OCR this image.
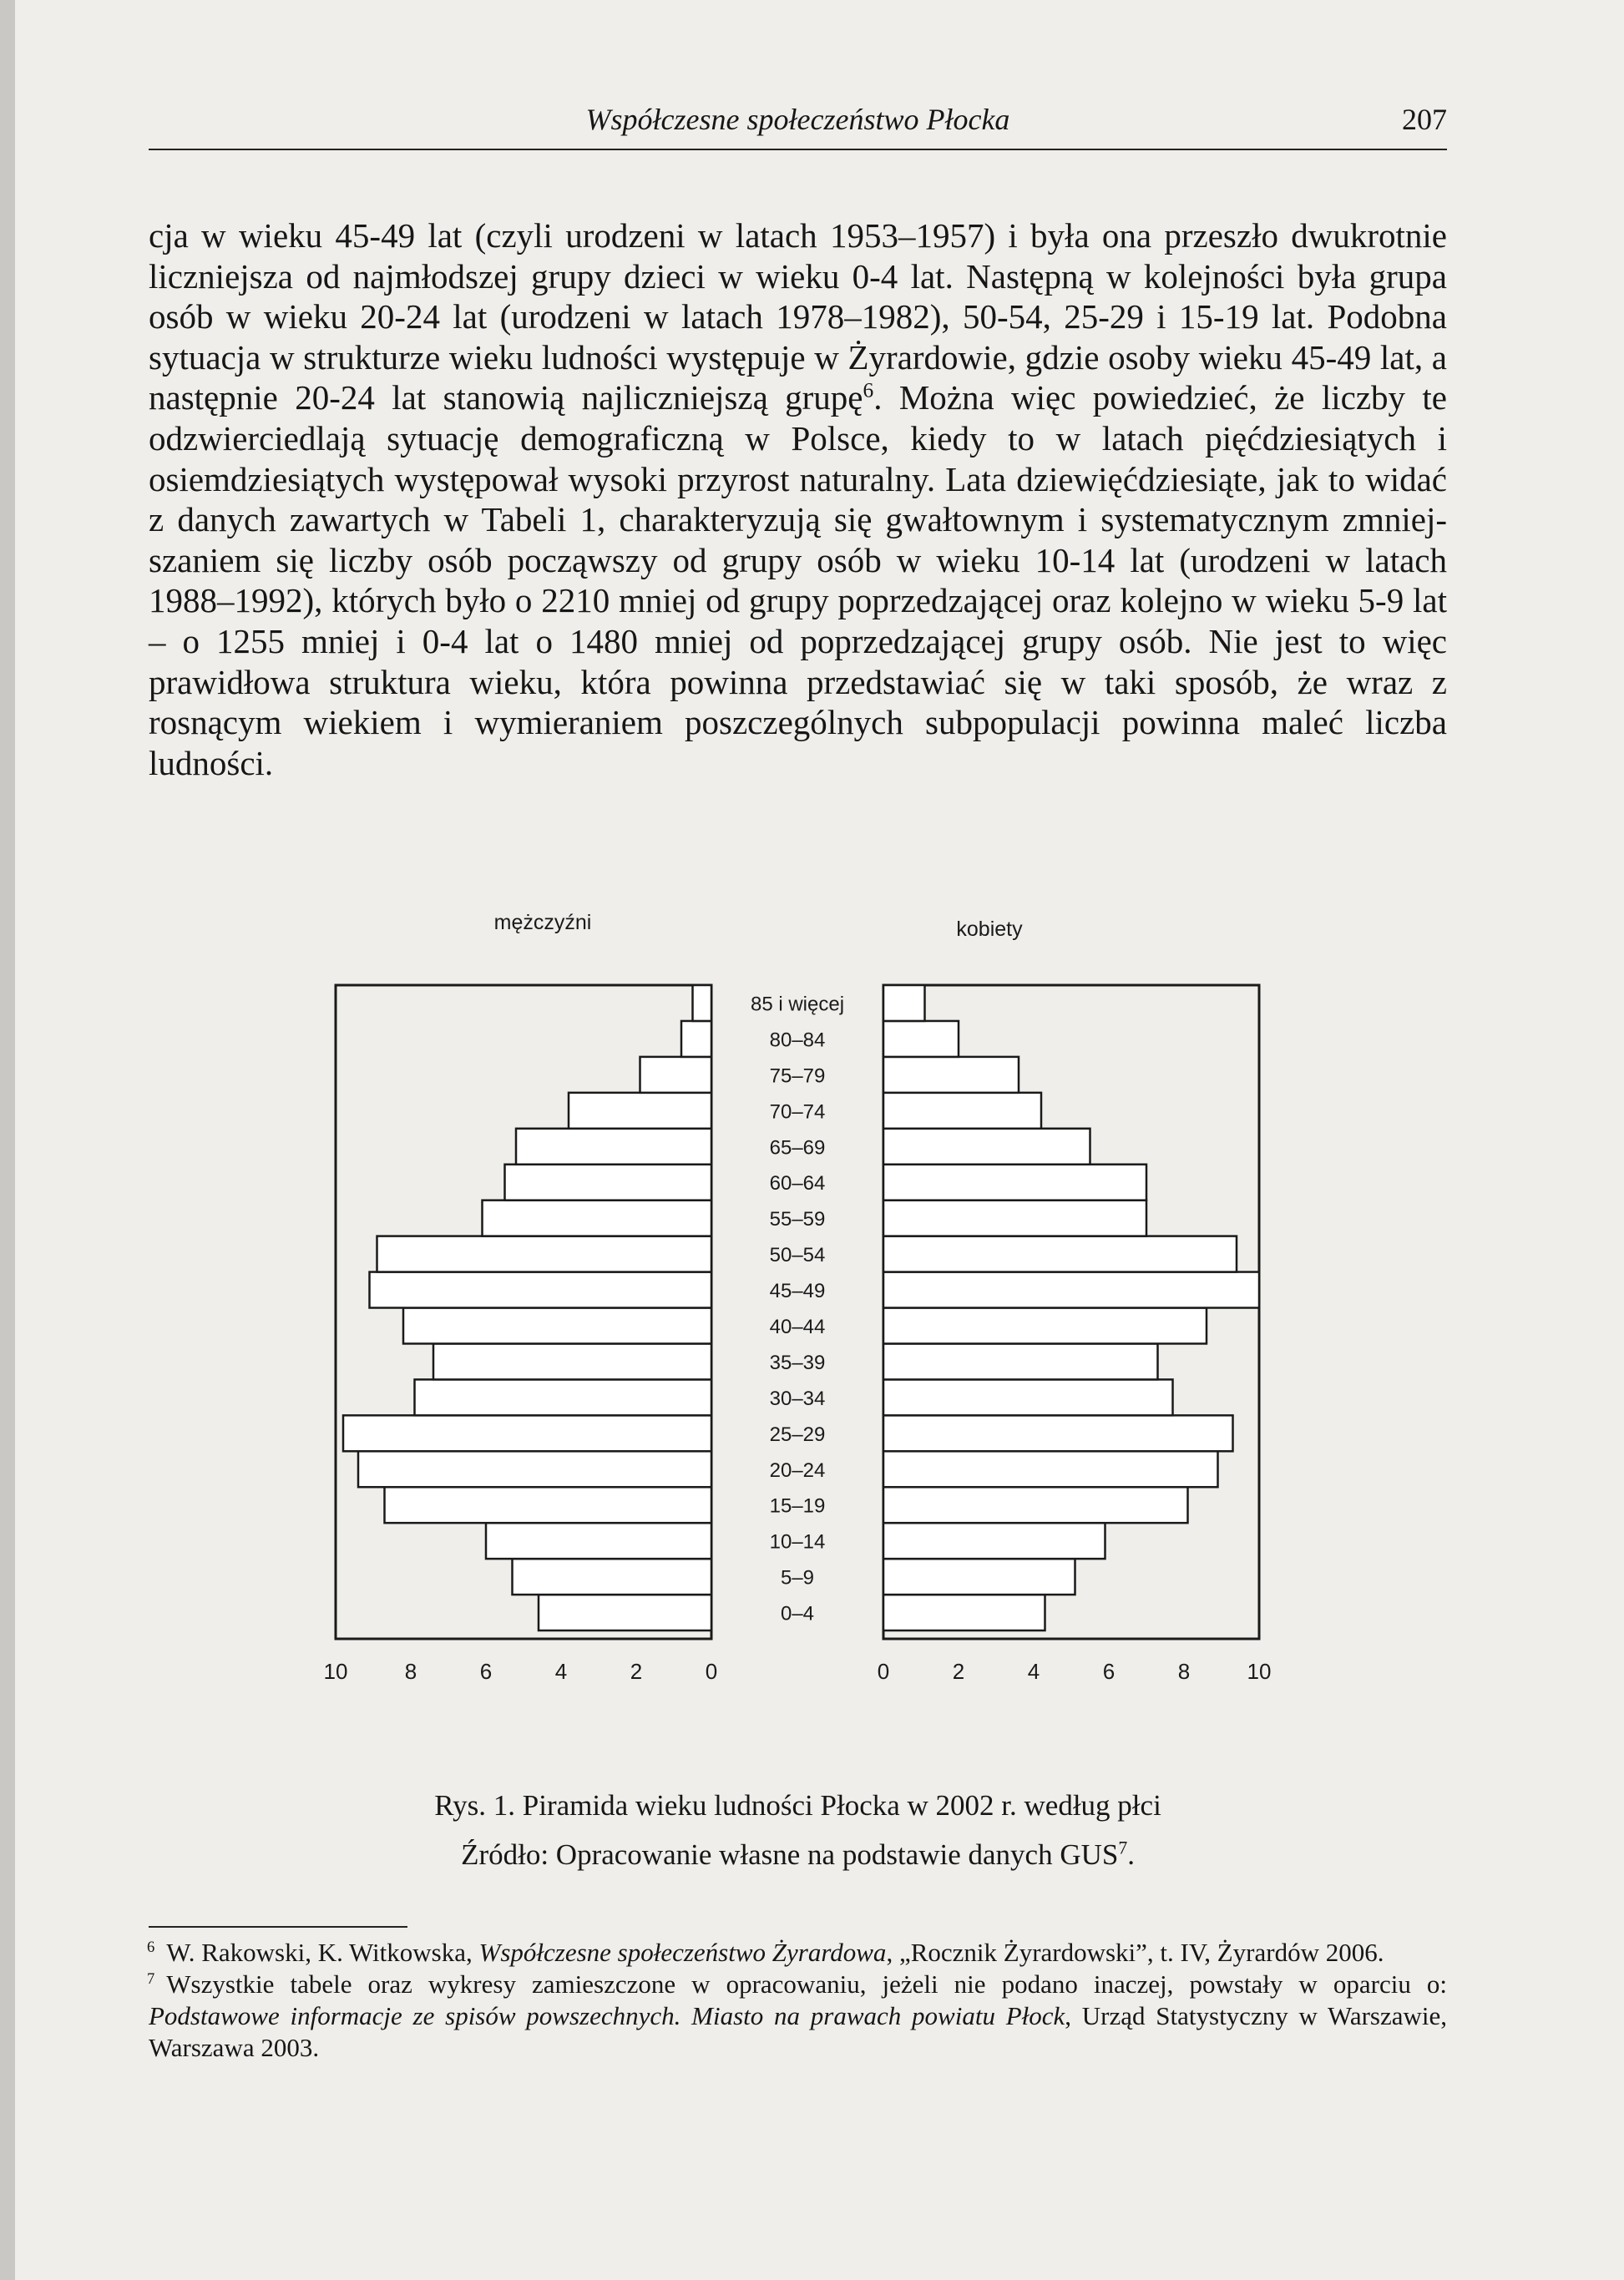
Współczesne społeczeństwo Płocka	207

cja w wieku 45-49 lat (czyli urodzeni w latach 1953–1957) i była ona przeszło dwukrotnie liczniejsza od najmłodszej grupy dzieci w wieku 0-4 lat. Następną w kolejności była grupa osób w wieku 20-24 lat (urodzeni w latach 1978–1982), 50-54, 25-29 i 15-19 lat. Podobna sytuacja w strukturze wieku ludności występuje w Żyrardowie, gdzie osoby wieku 45-49 lat, a następnie 20-24 lat stanowią najliczniejszą grupę$^6$. Można więc powiedzieć, że liczby te odzwierciedlają sytuację demograficzną w Polsce, kiedy to w latach pięćdziesiątych i osiemdziesiątych występował wysoki przyrost naturalny. Lata dziewięćdziesiąte, jak to widać z danych zawartych w Tabeli 1, charakteryzują się gwałtownym i systematycznym zmniejszaniem się liczby osób począwszy od grupy osób w wieku 10-14 lat (urodzeni w latach 1988–1992), których było o 2210 mniej od grupy poprzedzającej oraz kolejno w wieku 5-9 lat – o 1255 mniej i 0-4 lat o 1480 mniej od poprzedzającej grupy osób. Nie jest to więc prawidłowa struktura wieku, która powinna przedstawiać się w taki sposób, że wraz z rosnącym wiekiem i wymieraniem poszczególnych subpopulacji powinna maleć liczba ludności.

0–4
5–9
10–14
15–19
20–24
25–29
30–34
35–39
40–44
45–49
50–54
55–59
60–64
65–69
70–74
75–79
80–84
85 i więcej
10	8	6	4	2	0	0	2	4	6	8	10
mężczyźni	kobiety
Rys. 1. Piramida wieku ludności Płocka w 2002 r. według płci
Źródło: Opracowanie własne na podstawie danych GUS$^7$.

$^6$ W. Rakowski, K. Witkowska, Współczesne społeczeństwo Żyrardowa, „Rocznik Żyrardowski”, t. IV, Żyrardów 2006.

$^7$ Wszystkie tabele oraz wykresy zamieszczone w opracowaniu, jeżeli nie podano inaczej, powstały w oparciu o: Podstawowe informacje ze spisów powszechnych. Miasto na prawach powiatu Płock, Urząd Statystyczny w Warszawie, Warszawa 2003.
